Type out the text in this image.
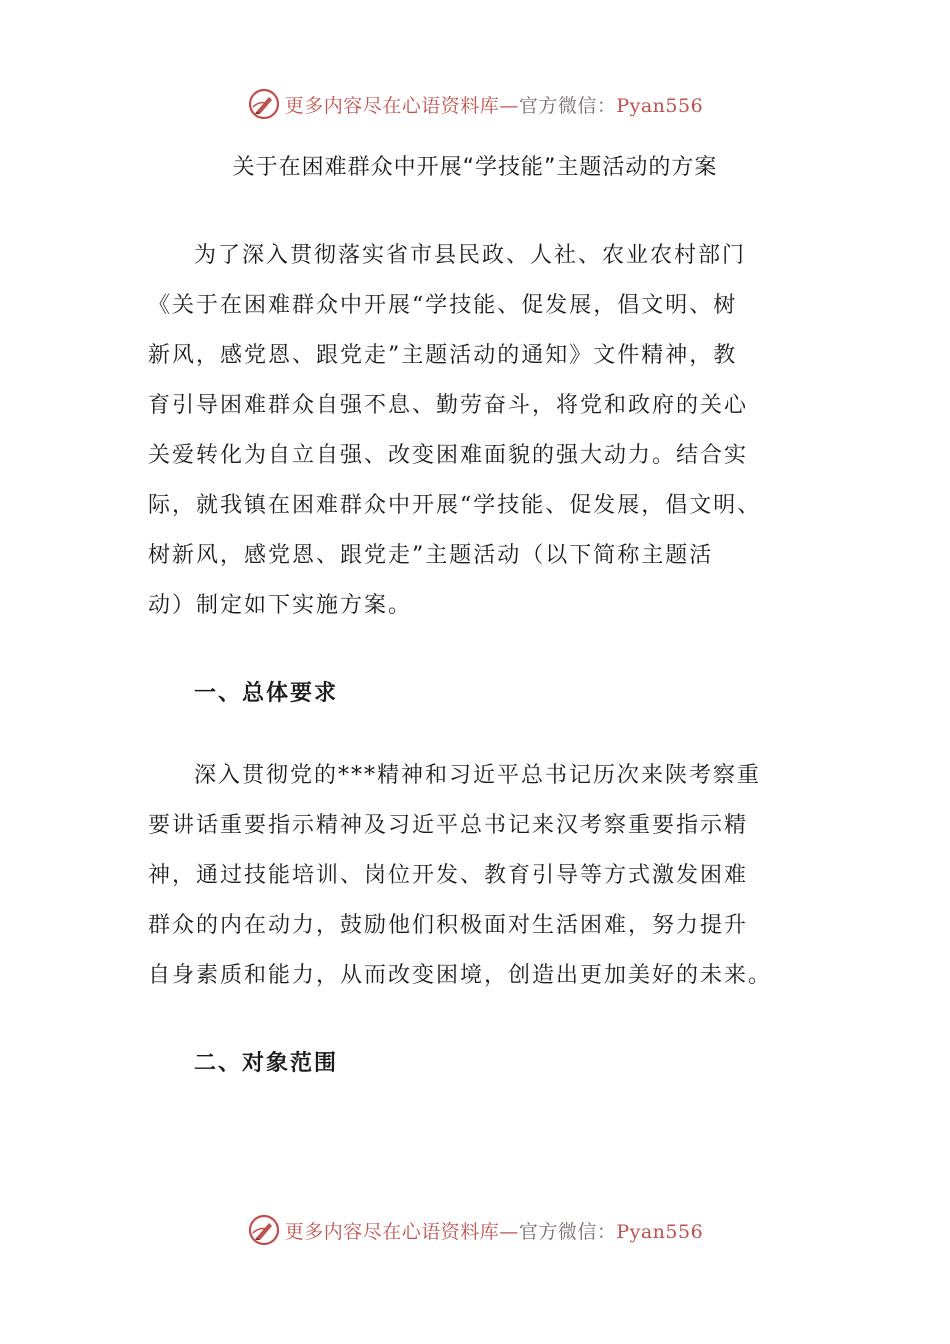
更多内容尽在心语资料库—官方微信：Pyan556
关于在困难群众中开展“学技能”主题活动的方案

为了深入贯彻落实省市县民政、人社、农业农村部门
《关于在困难群众中开展“学技能、促发展，倡文明、树
新风，感党恩、跟党走”主题活动的通知》文件精神，教
育引导困难群众自强不息、勤劳奋斗，将党和政府的关心
关爱转化为自立自强、改变困难面貌的强大动力。结合实
际，就我镇在困难群众中开展“学技能、促发展，倡文明、
树新风，感党恩、跟党走”主题活动（以下简称主题活
动）制定如下实施方案。

一、总体要求

深入贯彻党的***精神和习近平总书记历次来陕考察重
要讲话重要指示精神及习近平总书记来汉考察重要指示精
神，通过技能培训、岗位开发、教育引导等方式激发困难
群众的内在动力，鼓励他们积极面对生活困难，努力提升
自身素质和能力，从而改变困境，创造出更加美好的未来。

二、对象范围
更多内容尽在心语资料库—官方微信：Pyan556
